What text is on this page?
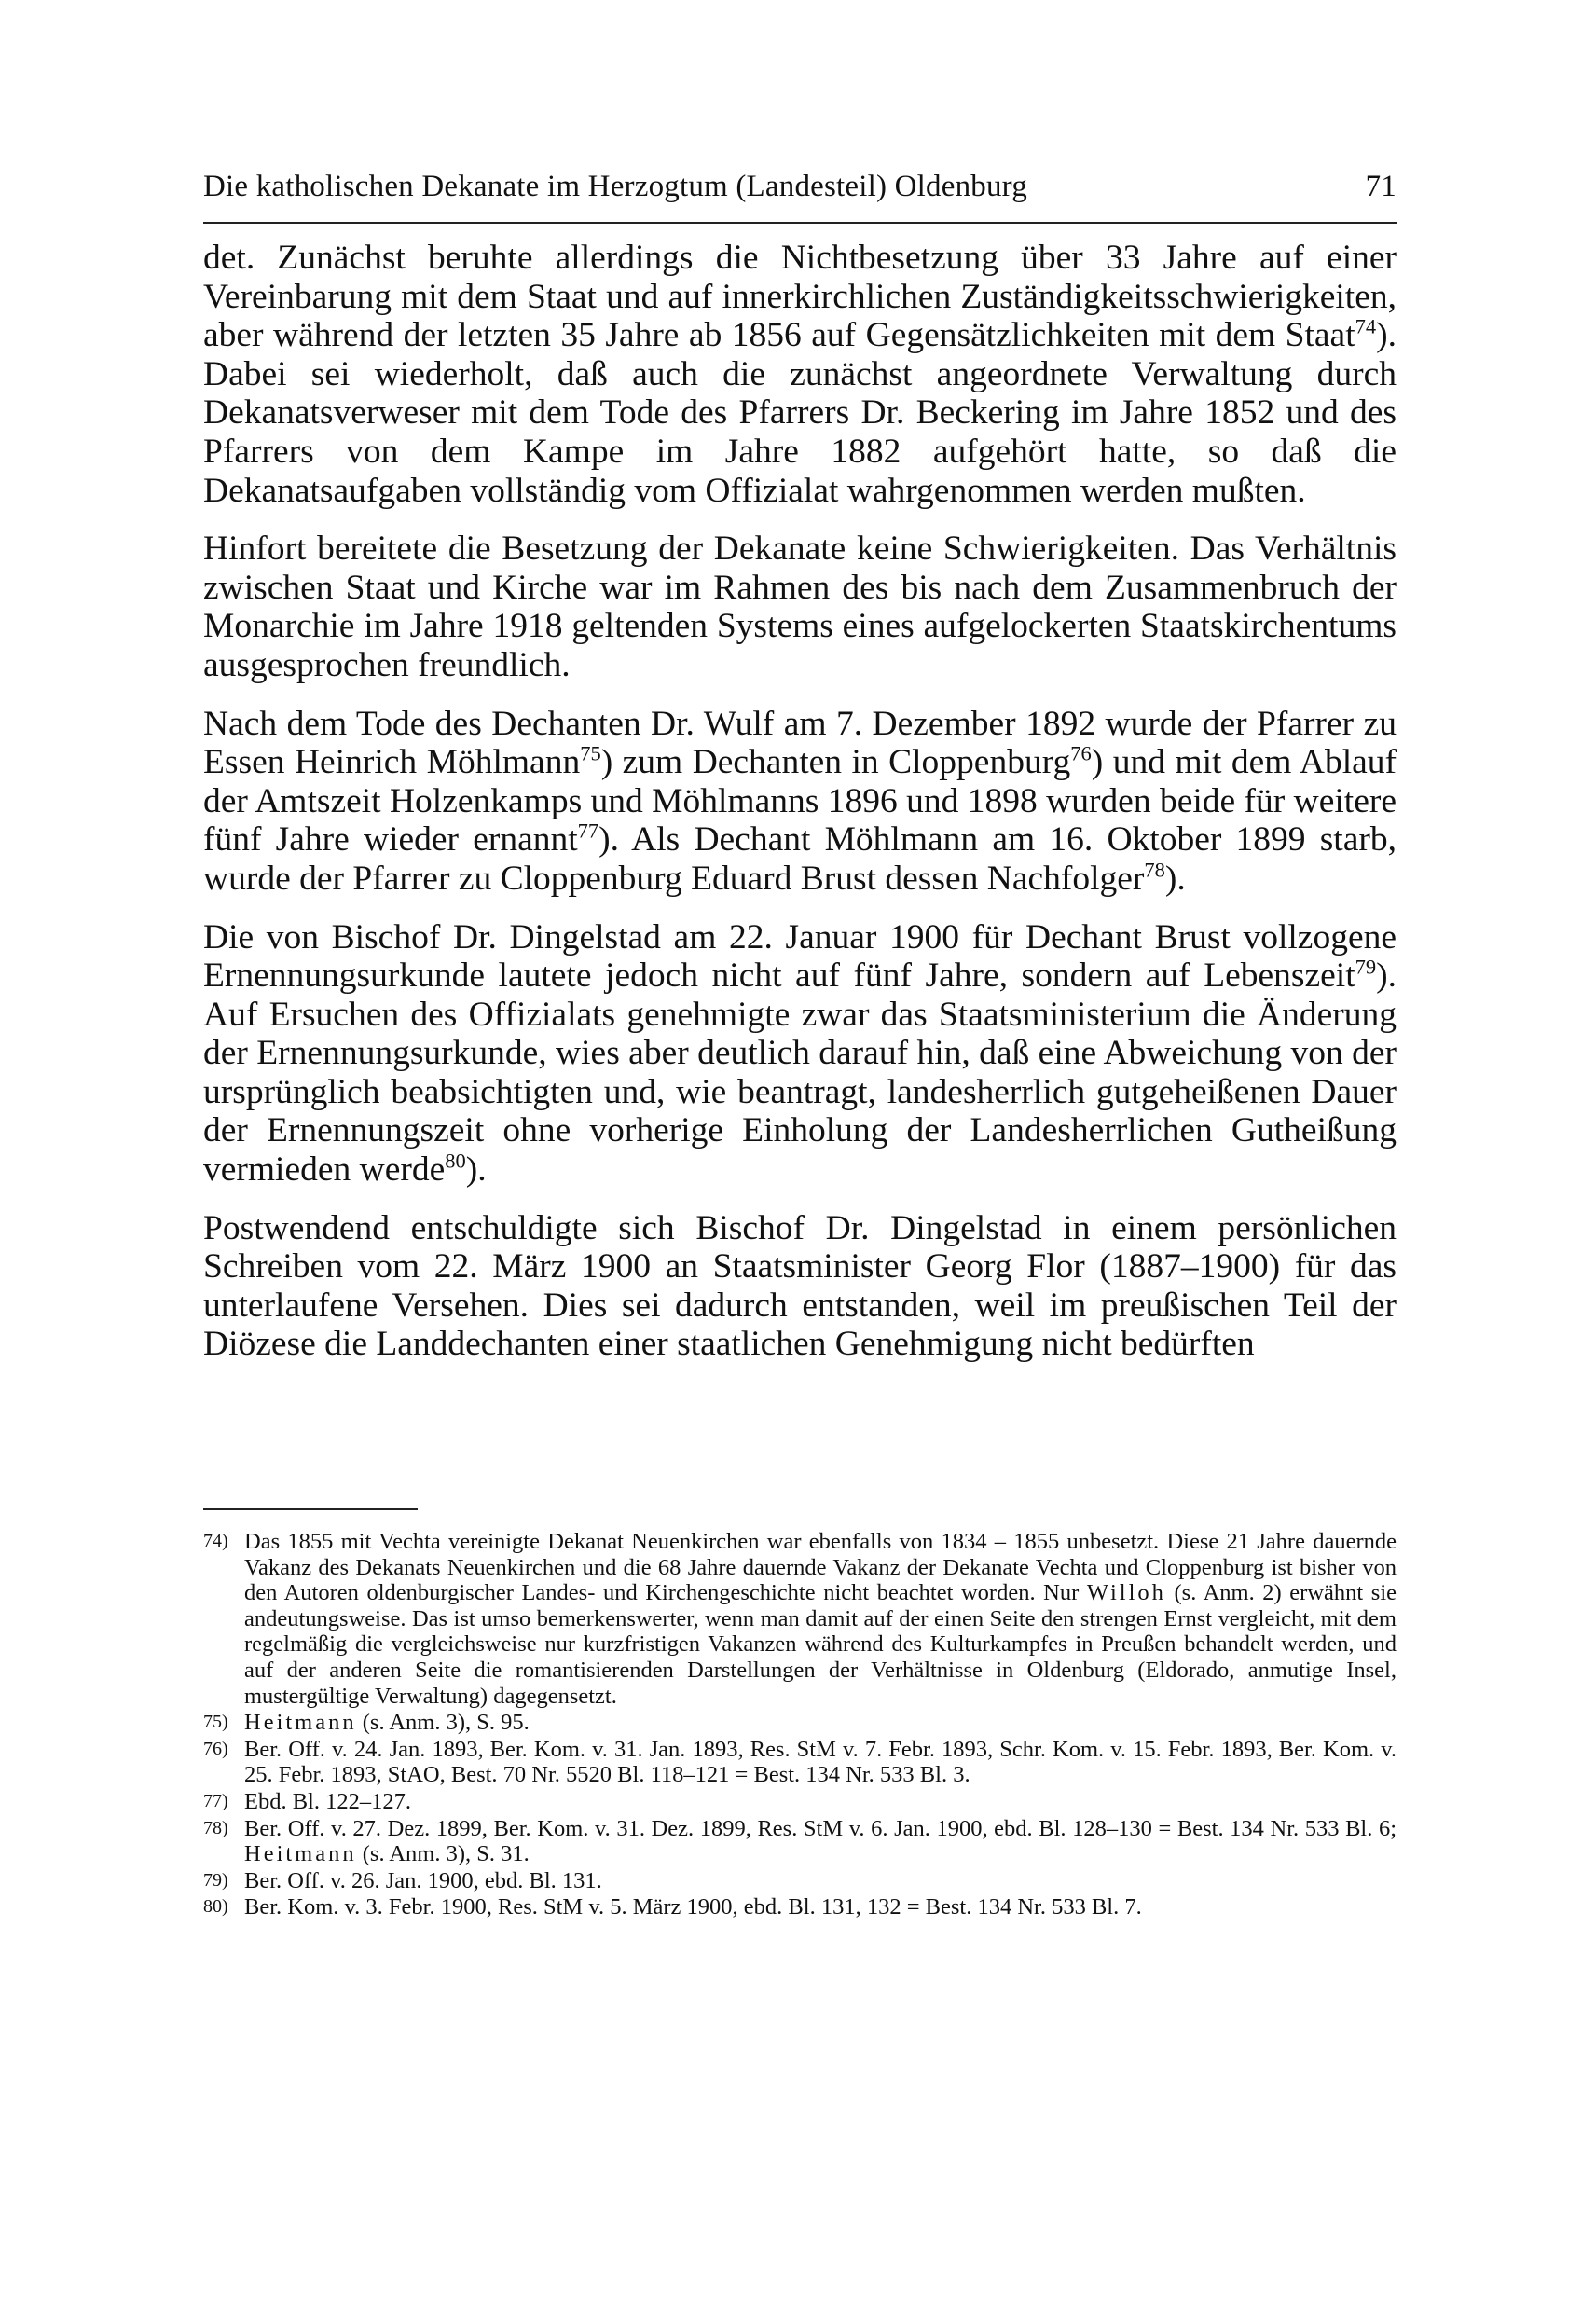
Die katholischen Dekanate im Herzogtum (Landesteil) Oldenburg	71

det. Zunächst beruhte allerdings die Nichtbesetzung über 33 Jahre auf einer Vereinbarung mit dem Staat und auf innerkirchlichen Zuständigkeitsschwierigkeiten, aber während der letzten 35 Jahre ab 1856 auf Gegensätzlichkeiten mit dem Staat$^{74}$). Dabei sei wiederholt, daß auch die zunächst angeordnete Verwaltung durch Dekanatsverweser mit dem Tode des Pfarrers Dr. Beckering im Jahre 1852 und des Pfarrers von dem Kampe im Jahre 1882 aufgehört hatte, so daß die Dekanatsaufgaben vollständig vom Offizialat wahrgenommen werden mußten.

Hinfort bereitete die Besetzung der Dekanate keine Schwierigkeiten. Das Verhältnis zwischen Staat und Kirche war im Rahmen des bis nach dem Zusammenbruch der Monarchie im Jahre 1918 geltenden Systems eines aufgelockerten Staatskirchentums ausgesprochen freundlich.

Nach dem Tode des Dechanten Dr. Wulf am 7. Dezember 1892 wurde der Pfarrer zu Essen Heinrich Möhlmann$^{75}$) zum Dechanten in Cloppenburg$^{76}$) und mit dem Ablauf der Amtszeit Holzenkamps und Möhlmanns 1896 und 1898 wurden beide für weitere fünf Jahre wieder ernannt$^{77}$). Als Dechant Möhlmann am 16. Oktober 1899 starb, wurde der Pfarrer zu Cloppenburg Eduard Brust dessen Nachfolger$^{78}$).

Die von Bischof Dr. Dingelstad am 22. Januar 1900 für Dechant Brust vollzogene Ernennungsurkunde lautete jedoch nicht auf fünf Jahre, sondern auf Lebenszeit$^{79}$). Auf Ersuchen des Offizialats genehmigte zwar das Staatsministerium die Änderung der Ernennungsurkunde, wies aber deutlich darauf hin, daß eine Abweichung von der ursprünglich beabsichtigten und, wie beantragt, landesherrlich gutgeheißenen Dauer der Ernennungszeit ohne vorherige Einholung der Landesherrlichen Gutheißung vermieden werde$^{80}$).

Postwendend entschuldigte sich Bischof Dr. Dingelstad in einem persönlichen Schreiben vom 22. März 1900 an Staatsminister Georg Flor (1887–1900) für das unterlaufene Versehen. Dies sei dadurch entstanden, weil im preußischen Teil der Diözese die Landdechanten einer staatlichen Genehmigung nicht bedürften

74) Das 1855 mit Vechta vereinigte Dekanat Neuenkirchen war ebenfalls von 1834 – 1855 unbesetzt. Diese 21 Jahre dauernde Vakanz des Dekanats Neuenkirchen und die 68 Jahre dauernde Vakanz der Dekanate Vechta und Cloppenburg ist bisher von den Autoren oldenburgischer Landes- und Kirchengeschichte nicht beachtet worden. Nur Willoh (s. Anm. 2) erwähnt sie andeutungsweise. Das ist umso bemerkenswerter, wenn man damit auf der einen Seite den strengen Ernst vergleicht, mit dem regelmäßig die vergleichsweise nur kurzfristigen Vakanzen während des Kulturkampfes in Preußen behandelt werden, und auf der anderen Seite die romantisierenden Darstellungen der Verhältnisse in Oldenburg (Eldorado, anmutige Insel, mustergültige Verwaltung) dagegensetzt.
75) Heitmann (s. Anm. 3), S. 95.
76) Ber. Off. v. 24. Jan. 1893, Ber. Kom. v. 31. Jan. 1893, Res. StM v. 7. Febr. 1893, Schr. Kom. v. 15. Febr. 1893, Ber. Kom. v. 25. Febr. 1893, StAO, Best. 70 Nr. 5520 Bl. 118–121 = Best. 134 Nr. 533 Bl. 3.
77) Ebd. Bl. 122–127.
78) Ber. Off. v. 27. Dez. 1899, Ber. Kom. v. 31. Dez. 1899, Res. StM v. 6. Jan. 1900, ebd. Bl. 128–130 = Best. 134 Nr. 533 Bl. 6; Heitmann (s. Anm. 3), S. 31.
79) Ber. Off. v. 26. Jan. 1900, ebd. Bl. 131.
80) Ber. Kom. v. 3. Febr. 1900, Res. StM v. 5. März 1900, ebd. Bl. 131, 132 = Best. 134 Nr. 533 Bl. 7.
